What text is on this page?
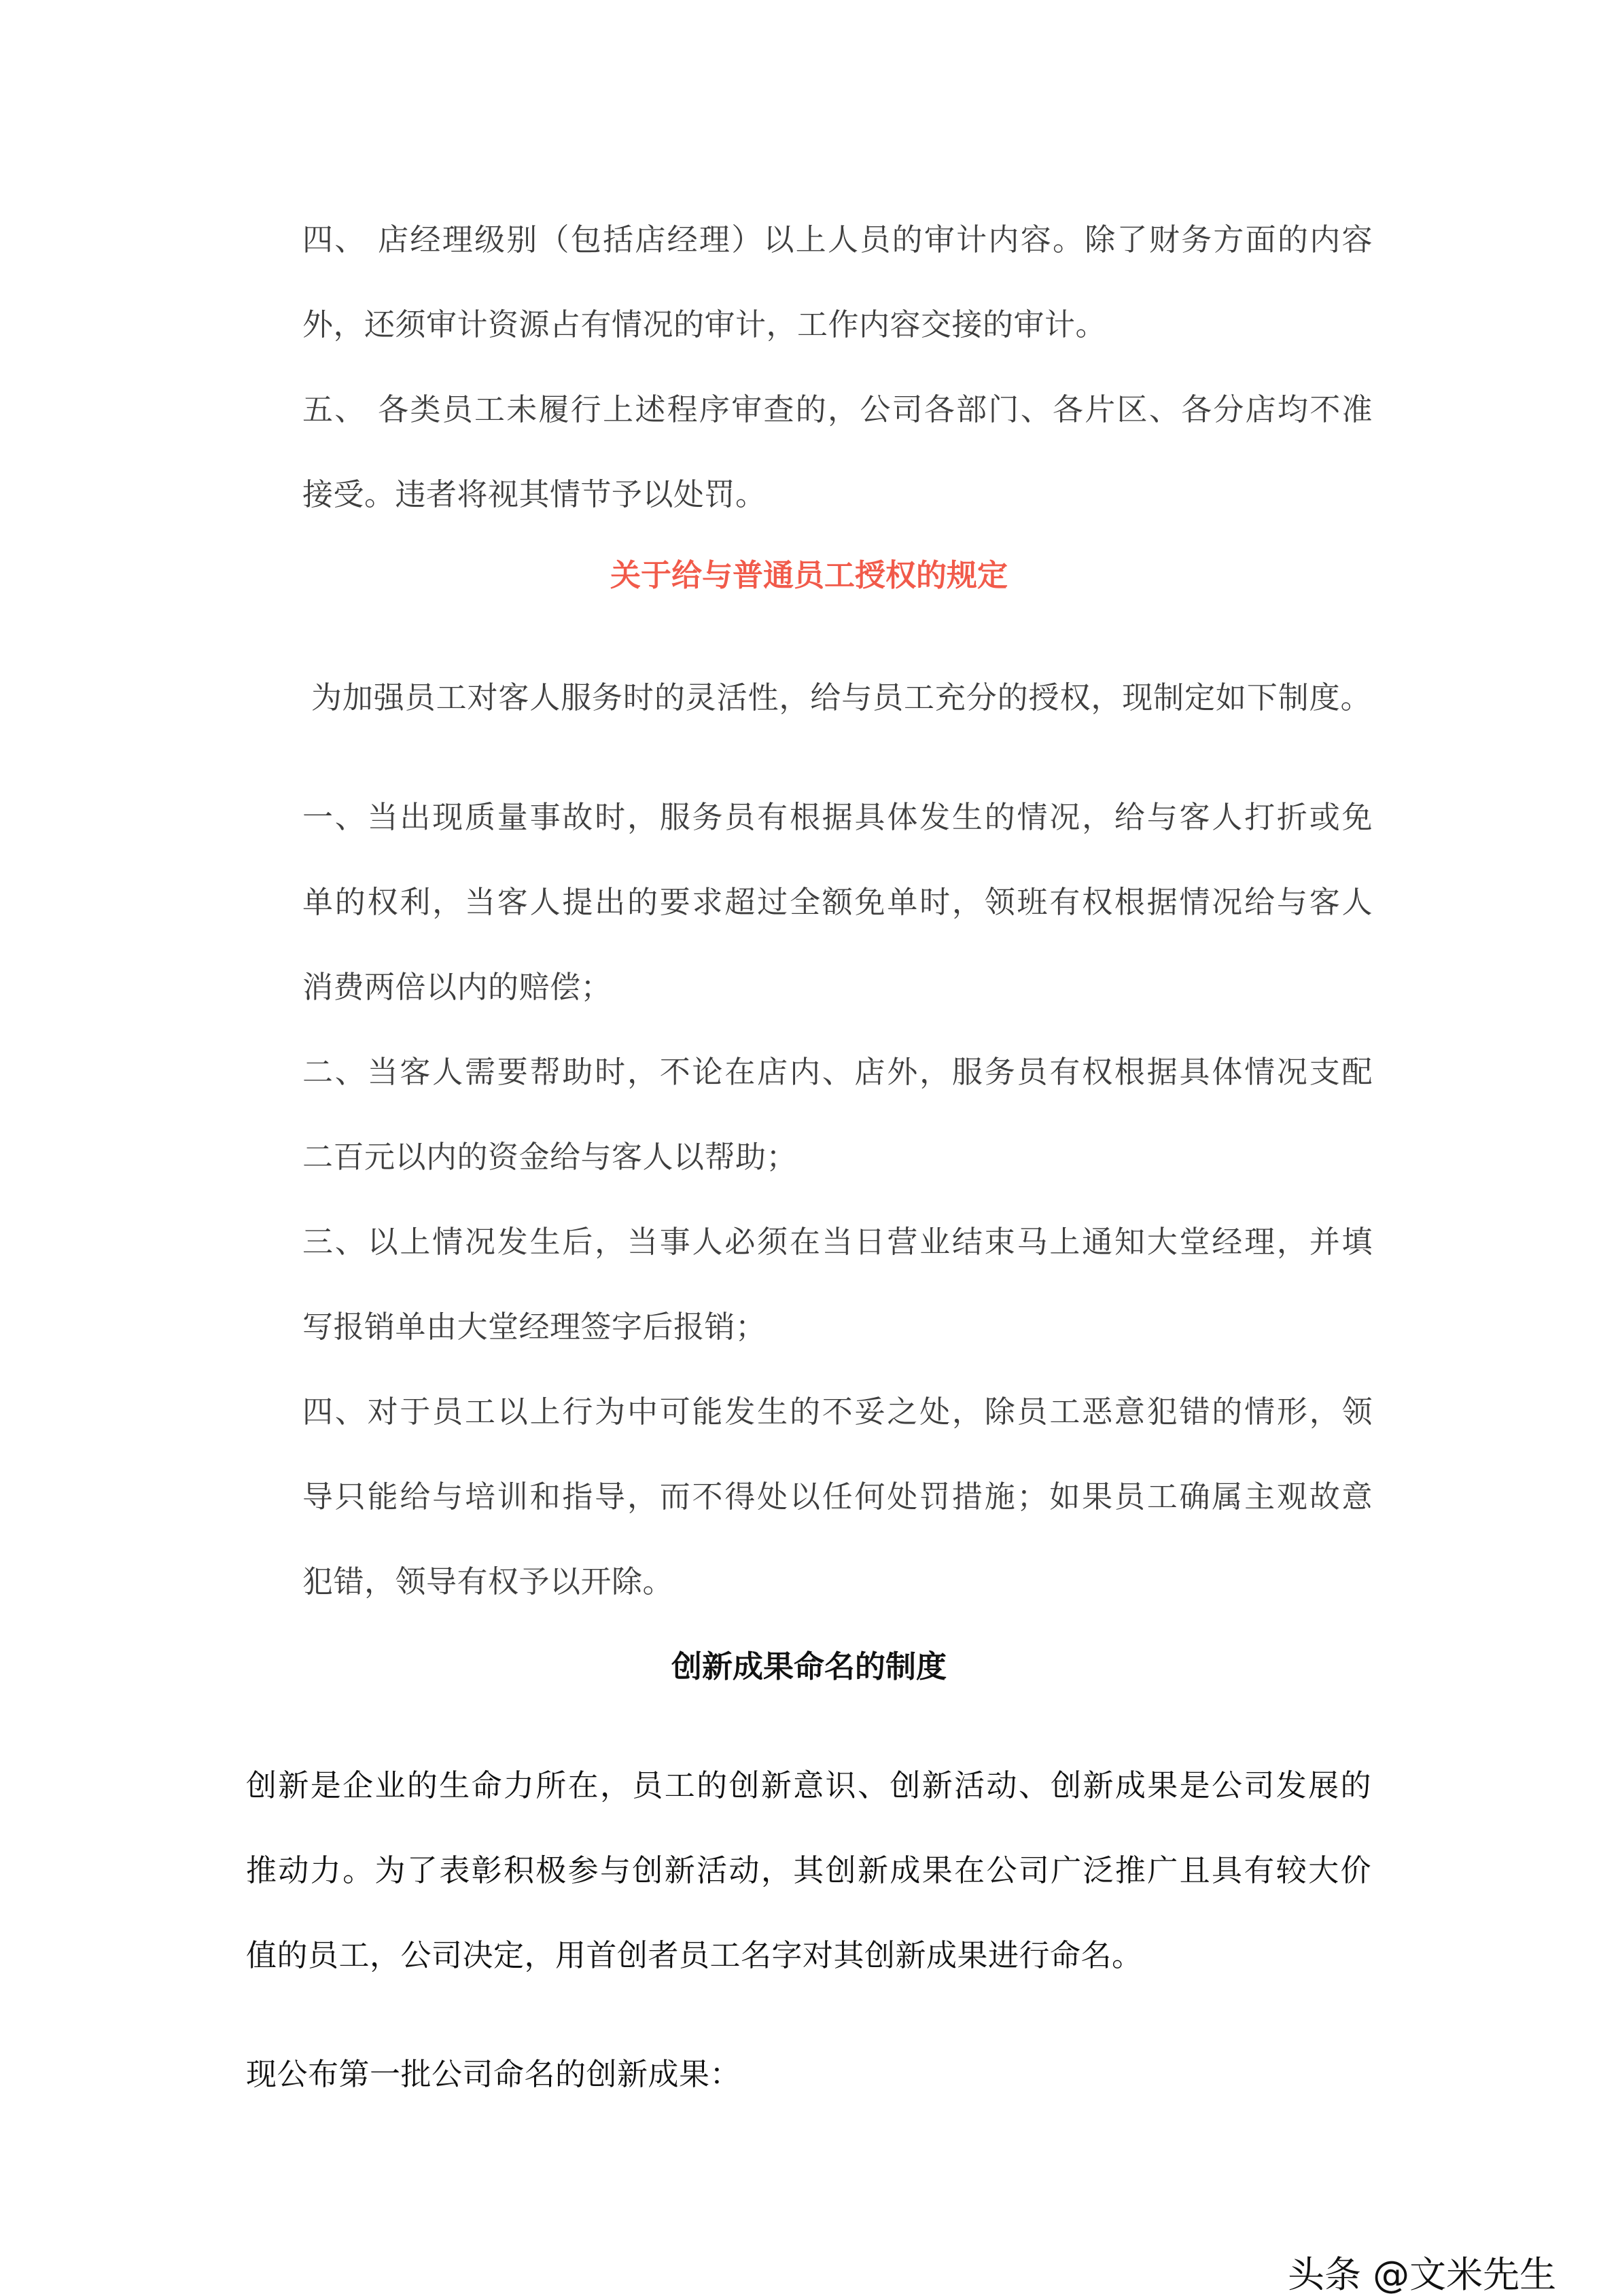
四、 店经理级别（包括店经理）以上人员的审计内容。除了财务方面的内容
外，还须审计资源占有情况的审计，工作内容交接的审计。
五、 各类员工未履行上述程序审查的，公司各部门、各片区、各分店均不准
接受。违者将视其情节予以处罚。
关于给与普通员工授权的规定
为加强员工对客人服务时的灵活性，给与员工充分的授权，现制定如下制度。
一、当出现质量事故时，服务员有根据具体发生的情况，给与客人打折或免
单的权利，当客人提出的要求超过全额免单时，领班有权根据情况给与客人
消费两倍以内的赔偿；
二、当客人需要帮助时，不论在店内、店外，服务员有权根据具体情况支配
二百元以内的资金给与客人以帮助；
三、以上情况发生后，当事人必须在当日营业结束马上通知大堂经理，并填
写报销单由大堂经理签字后报销；
四、对于员工以上行为中可能发生的不妥之处，除员工恶意犯错的情形，领
导只能给与培训和指导，而不得处以任何处罚措施；如果员工确属主观故意
犯错，领导有权予以开除。
创新成果命名的制度
创新是企业的生命力所在，员工的创新意识、创新活动、创新成果是公司发展的
推动力。为了表彰积极参与创新活动，其创新成果在公司广泛推广且具有较大价
值的员工，公司决定，用首创者员工名字对其创新成果进行命名。
现公布第一批公司命名的创新成果：
头条 @文米先生
